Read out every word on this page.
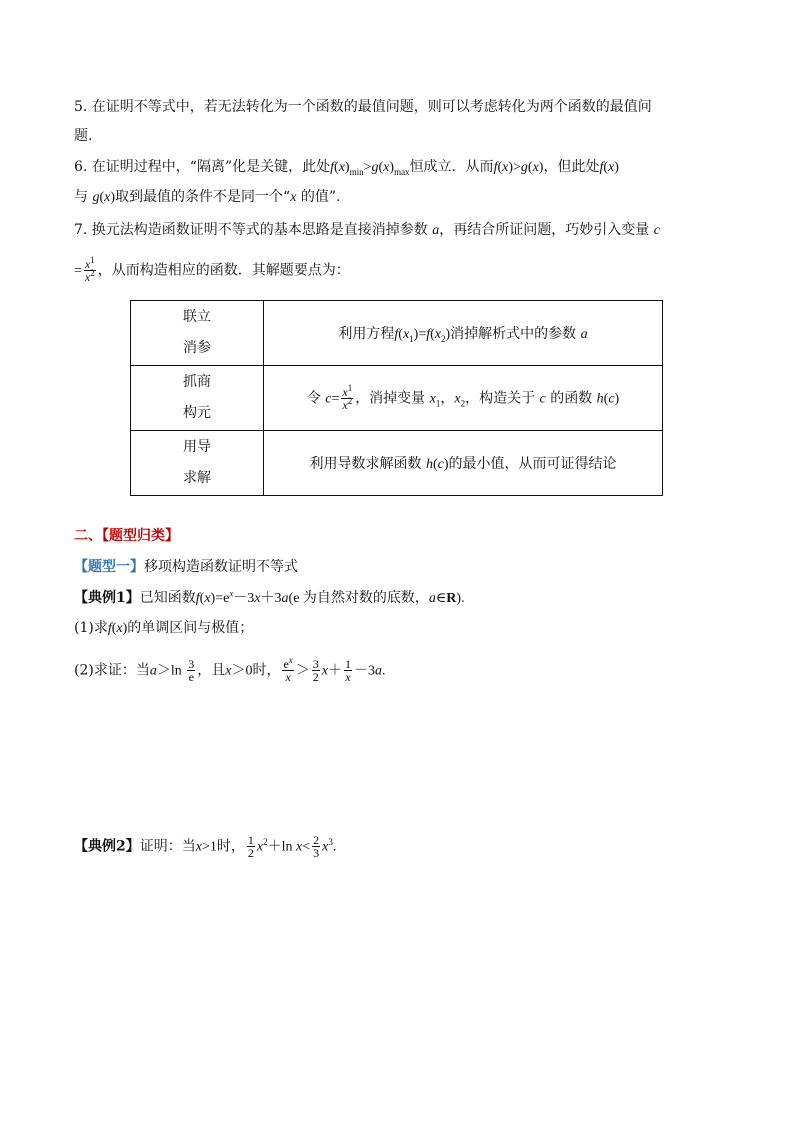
5. 在证明不等式中，若无法转化为一个函数的最值问题，则可以考虑转化为两个函数的最值问
题.
6. 在证明过程中，“隔离”化是关键，此处$f(x)_{min}>g(x)_{max}$恒成立．从而f(x)>g(x)，但此处f(x)
与 g(x)取到最值的条件不是同一个“x 的值”.
7. 换元法构造函数证明不等式的基本思路是直接消掉参数 a，再结合所证问题，巧妙引入变量 c
= $\frac{x^1}{x^2}$ ，从而构造相应的函数．其解题要点为：
联立
消参	利用方程$f(x_1)=f(x_2)$消掉解析式中的参数 a
抓商
构元	令 $c= \frac{x^1}{x^2}$ ，消掉变量 $x_1$，$x_2$，构造关于 c 的函数 h(c)
用导
求解	利用导数求解函数 h(c)的最小值，从而可证得结论
二、【题型归类】
【题型一】移项构造函数证明不等式
【典例1】已知函数$f(x)=e^x-3x+3a(e$ 为自然对数的底数，a∈R).
(1)求f(x)的单调区间与极值；
(2)求证：当$a>\ln \frac{3}{e}$ ，且x＞0时， $\frac{e^x}{x} > \frac{3}{2} x+ \frac{1}{x} -3a$.
【典例2】证明：当x>1时， $\frac{1}{2} x^2+\ln$ $x< \frac{2}{3} x^3$.
